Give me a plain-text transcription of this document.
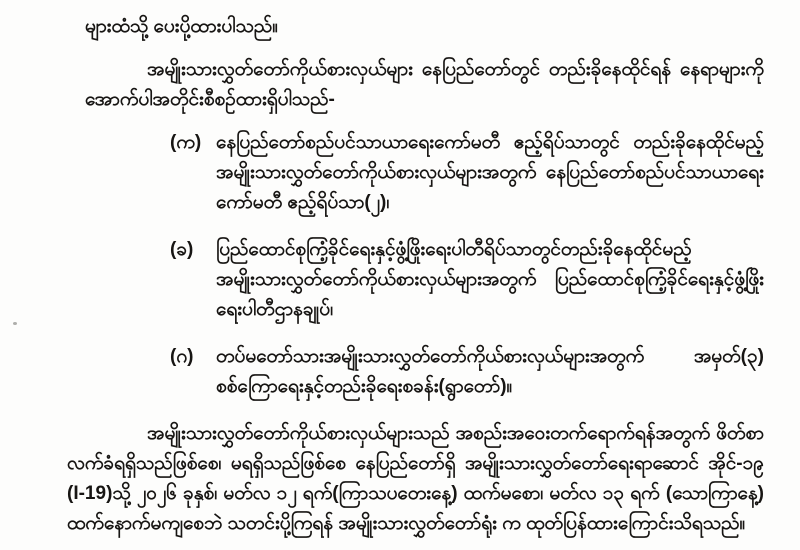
များထံသို့ ပေးပို့ထားပါသည်။

အမျိုးသားလွှတ်တော်ကိုယ်စားလှယ်များ နေပြည်တော်တွင် တည်းခိုနေထိုင်ရန် နေရာများကို အောက်ပါအတိုင်းစီစဉ်ထားရှိပါသည်-

(က) နေပြည်တော်စည်ပင်သာယာရေးကော်မတီ ဧည့်ရိပ်သာတွင် တည်းခိုနေထိုင်မည့် အမျိုးသားလွှတ်တော်ကိုယ်စားလှယ်များအတွက် နေပြည်တော်စည်ပင်သာယာရေးကော်မတီ ဧည့်ရိပ်သာ(၂)၊
(ခ)	ပြည်ထောင်စုကြံ့ခိုင်ရေးနှင့်ဖွံ့ဖြိုးရေးပါတီရိပ်သာတွင်တည်းခိုနေထိုင်မည့် အမျိုးသားလွှတ်တော်ကိုယ်စားလှယ်များအတွက် ပြည်ထောင်စုကြံ့ခိုင်ရေးနှင့်ဖွံ့ဖြိုးရေးပါတီဌာနချုပ်၊
(ဂ)	တပ်မတော်သားအမျိုးသားလွှတ်တော်ကိုယ်စားလှယ်များအတွက် အမှတ်(၃) စစ်ကြောရေးနှင့်တည်းခိုရေးစခန်း(ရွာတော်)။

အမျိုးသားလွှတ်တော်ကိုယ်စားလှယ်များသည် အစည်းအဝေးတက်ရောက်ရန်အတွက် ဖိတ်စာ လက်ခံရရှိသည်ဖြစ်စေ၊ မရရှိသည်ဖြစ်စေ နေပြည်တော်ရှိ အမျိုးသားလွှတ်တော်ရေးရာဆောင် အိုင်-၁၉ (I-19)သို့ ၂၀၂၆ ခုနှစ်၊ မတ်လ ၁၂ ရက်(ကြာသပတေးနေ့) ထက်မစော၊ မတ်လ ၁၃ ရက် (သောကြာနေ့) ထက်နောက်မကျစေဘဲ သတင်းပို့ကြရန် အမျိုးသားလွှတ်တော်ရုံး က ထုတ်ပြန်ထားကြောင်းသိရသည်။
